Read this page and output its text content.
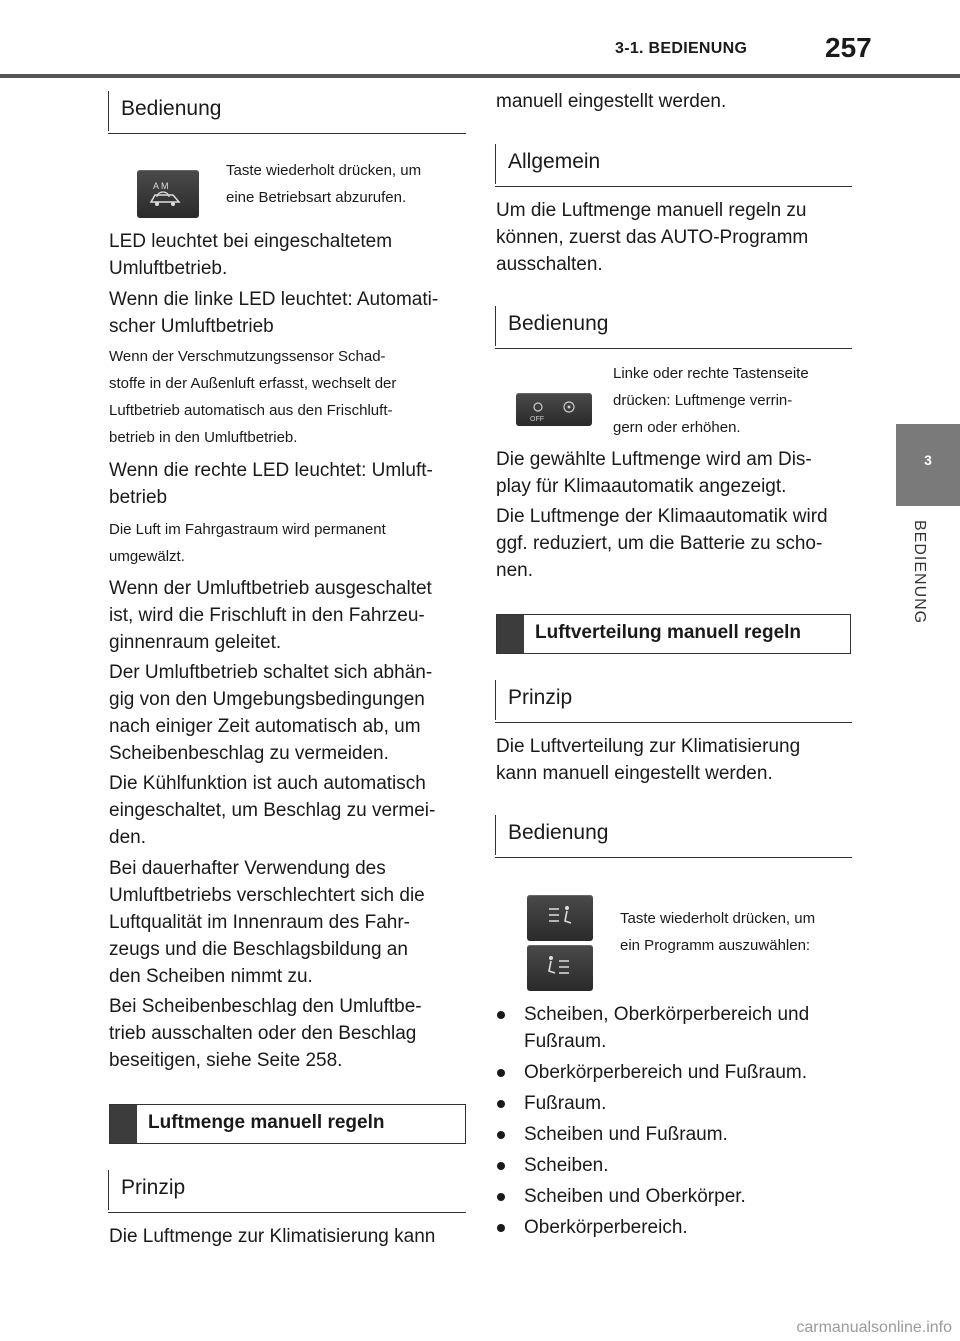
3-1. BEDIENUNG	257
3
BEDIENUNG
Bedienung
A M
Taste wiederholt drücken, um
eine Betriebsart abzurufen.
LED leuchtet bei eingeschaltetem
Umluftbetrieb.
Wenn die linke LED leuchtet: Automati-
scher Umluftbetrieb
Wenn der Verschmutzungssensor Schad-
stoffe in der Außenluft erfasst, wechselt der
Luftbetrieb automatisch aus den Frischluft-
betrieb in den Umluftbetrieb.
Wenn die rechte LED leuchtet: Umluft-
betrieb
Die Luft im Fahrgastraum wird permanent
umgewälzt.
Wenn der Umluftbetrieb ausgeschaltet
ist, wird die Frischluft in den Fahrzeu-
ginnenraum geleitet.
Der Umluftbetrieb schaltet sich abhän-
gig von den Umgebungsbedingungen
nach einiger Zeit automatisch ab, um
Scheibenbeschlag zu vermeiden.
Die Kühlfunktion ist auch automatisch
eingeschaltet, um Beschlag zu vermei-
den.
Bei dauerhafter Verwendung des
Umluftbetriebs verschlechtert sich die
Luftqualität im Innenraum des Fahr-
zeugs und die Beschlagsbildung an
den Scheiben nimmt zu.
Bei Scheibenbeschlag den Umluftbe-
trieb ausschalten oder den Beschlag
beseitigen, siehe Seite 258.
Luftmenge manuell regeln
Prinzip
Die Luftmenge zur Klimatisierung kann
manuell eingestellt werden.
Allgemein
Um die Luftmenge manuell regeln zu
können, zuerst das AUTO-Programm
ausschalten.
Bedienung
OFF
Linke oder rechte Tastenseite
drücken: Luftmenge verrin-
gern oder erhöhen.
Die gewählte Luftmenge wird am Dis-
play für Klimaautomatik angezeigt.
Die Luftmenge der Klimaautomatik wird
ggf. reduziert, um die Batterie zu scho-
nen.
Luftverteilung manuell regeln
Prinzip
Die Luftverteilung zur Klimatisierung
kann manuell eingestellt werden.
Bedienung
Taste wiederholt drücken, um
ein Programm auszuwählen:
Scheiben, Oberkörperbereich und
Fußraum.
Oberkörperbereich und Fußraum.
Fußraum.
Scheiben und Fußraum.
Scheiben.
Scheiben und Oberkörper.
Oberkörperbereich.
carmanualsonline.info
